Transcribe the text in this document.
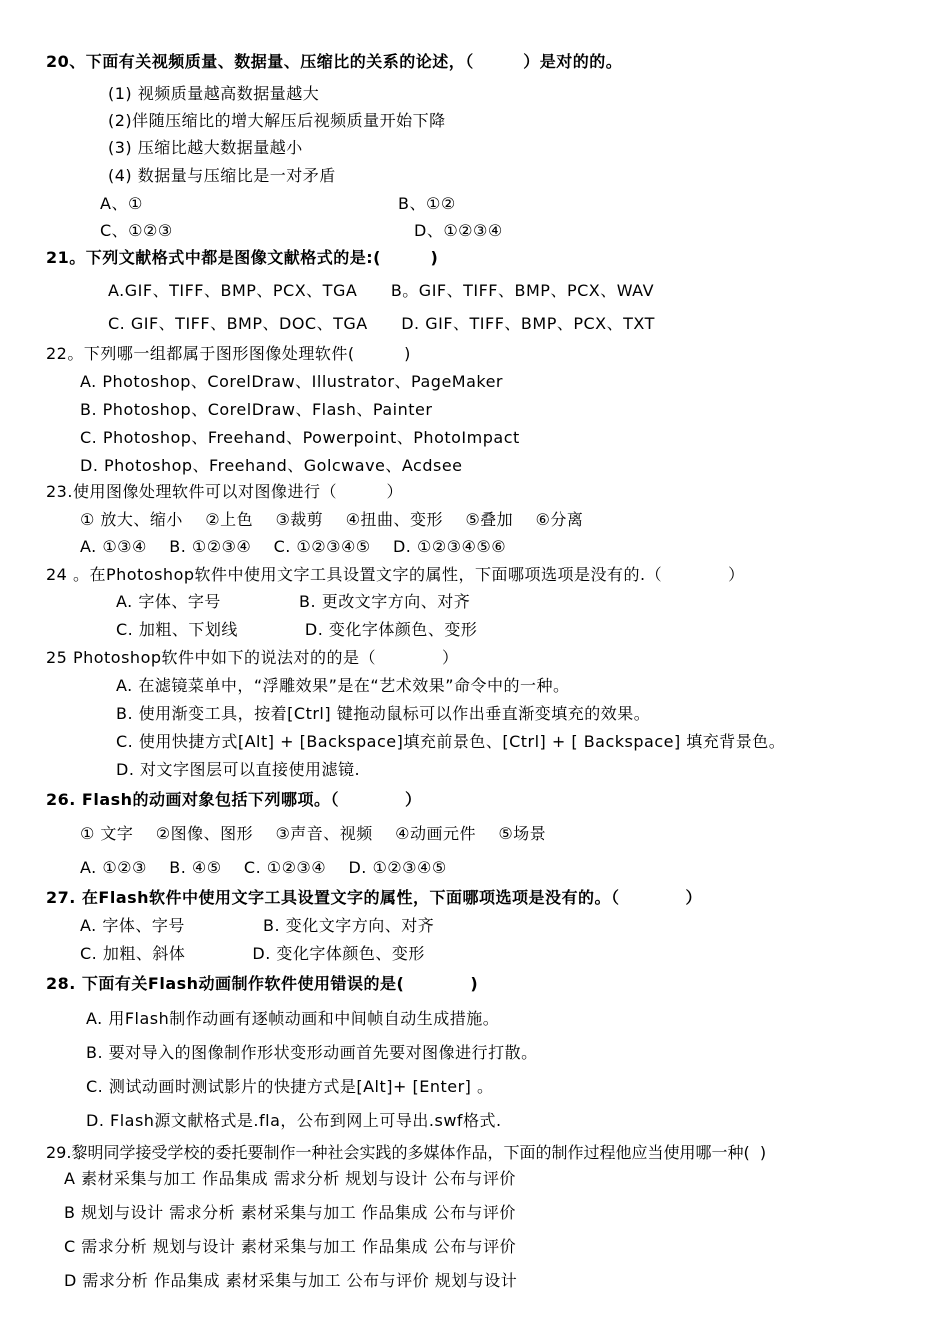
20、下面有关视频质量、数据量、压缩比的关系的论述，（　　　）是对的的。
(1) 视频质量越高数据量越大
(2)伴随压缩比的增大解压后视频质量开始下降
(3) 压缩比越大数据量越小
(4) 数据量与压缩比是一对矛盾
A、①	B、①②
C、①②③	D、①②③④
21。下列文献格式中都是图像文献格式的是:(　　　)
A.GIF、TIFF、BMP、PCX、TGA      B。GIF、TIFF、BMP、PCX、WAV
C. GIF、TIFF、BMP、DOC、TGA      D. GIF、TIFF、BMP、PCX、TXT
22。下列哪一组都属于图形图像处理软件(　　　)
A. Photoshop、CorelDraw、Illustrator、PageMaker
B. Photoshop、CorelDraw、Flash、Painter
C. Photoshop、Freehand、Powerpoint、PhotoImpact
D. Photoshop、Freehand、Golcwave、Acdsee
23.使用图像处理软件可以对图像进行（　　　）
① 放大、缩小    ②上色    ③裁剪    ④扭曲、变形    ⑤叠加    ⑥分离
A. ①③④    B. ①②③④    C. ①②③④⑤    D. ①②③④⑤⑥
24 。在Photoshop软件中使用文字工具设置文字的属性，下面哪项选项是没有的.（　　　　）
A. 字体、字号              B. 更改文字方向、对齐
C. 加粗、下划线            D. 变化字体颜色、变形
25 Photoshop软件中如下的说法对的的是（　　　　）
A. 在滤镜菜单中，“浮雕效果”是在“艺术效果”命令中的一种。
B. 使用渐变工具，按着[Ctrl] 键拖动鼠标可以作出垂直渐变填充的效果。
C. 使用快捷方式[Alt] + [Backspace]填充前景色、[Ctrl] + [ Backspace] 填充背景色。
D. 对文字图层可以直接使用滤镜.
26. Flash的动画对象包括下列哪项。（　　　　）
① 文字    ②图像、图形    ③声音、视频    ④动画元件    ⑤场景
A. ①②③    B. ④⑤    C. ①②③④    D. ①②③④⑤
27. 在Flash软件中使用文字工具设置文字的属性，下面哪项选项是没有的。（　　　　）
A. 字体、字号              B. 变化文字方向、对齐
C. 加粗、斜体            D. 变化字体颜色、变形
28. 下面有关Flash动画制作软件使用错误的是(　　　　)
A. 用Flash制作动画有逐帧动画和中间帧自动生成措施。
B. 要对导入的图像制作形状变形动画首先要对图像进行打散。
C. 测试动画时测试影片的快捷方式是[Alt]+ [Enter] 。
D. Flash源文献格式是.fla，公布到网上可导出.swf格式.
29.黎明同学接受学校的委托要制作一种社会实践的多媒体作品，下面的制作过程他应当使用哪一种(  )
A 素材采集与加工 作品集成 需求分析 规划与设计 公布与评价
B 规划与设计 需求分析 素材采集与加工 作品集成 公布与评价
C 需求分析 规划与设计 素材采集与加工 作品集成 公布与评价
D 需求分析 作品集成 素材采集与加工 公布与评价 规划与设计
